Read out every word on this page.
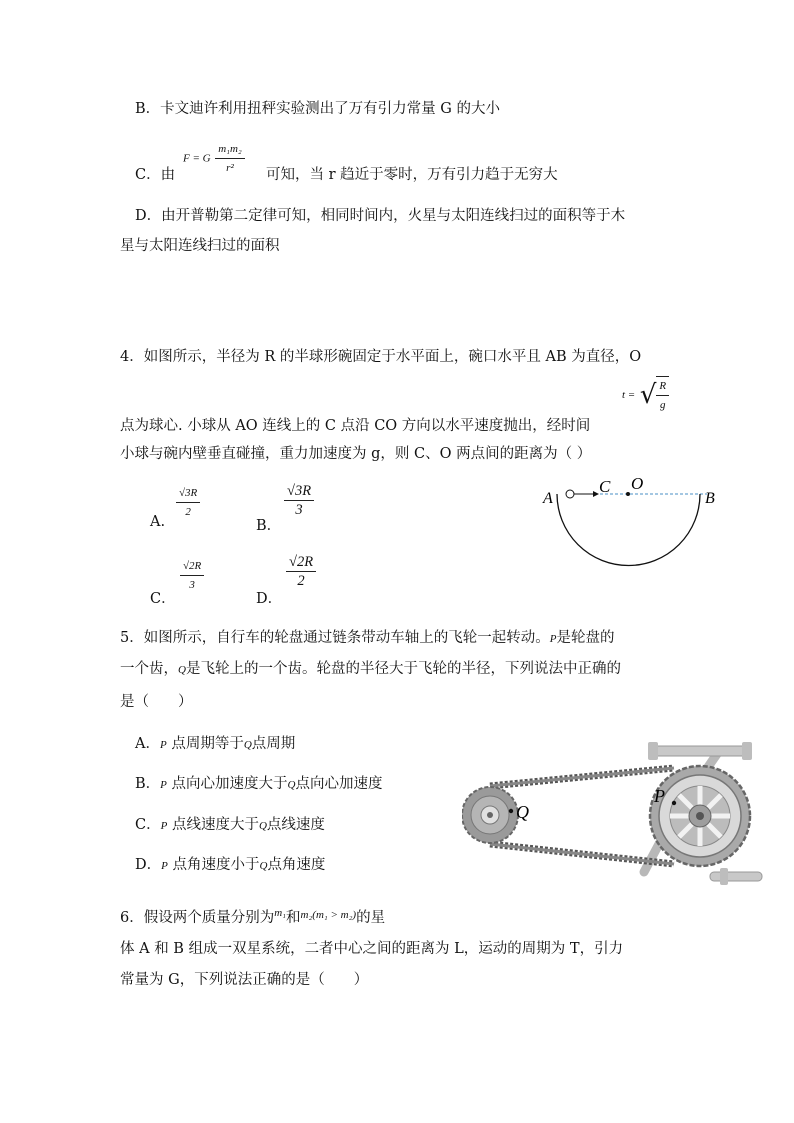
B．卡文迪许利用扭秤实验测出了万有引力常量 G 的大小
C．由
F = G $\frac{\text{m₁m₂}}{\text{r²}}$ 可知，当 r 趋近于零时，万有引力趋于无穷大
D．由开普勒第二定律可知，相同时间内，火星与太阳连线扫过的面积等于木
星与太阳连线扫过的面积
4．如图所示，半径为 R 的半球形碗固定于水平面上，碗口水平且 AB 为直径，O
点为球心. 小球从 AO 连线上的 C 点沿 CO 方向以水平速度抛出，经时间
t = √ $\frac{R}{g}$
小球与碗内壁垂直碰撞，重力加速度为 g，则 C、O 两点间的距离为（ ）
A.
$\frac{√3R}{2}$
B．
$\frac{√3R}{3}$
C．
$\frac{√2R}{3}$
D．
$\frac{√2R}{2}$
A
C O
B
5．如图所示，自行车的轮盘通过链条带动车轴上的飞轮一起转动。P是轮盘的
一个齿，Q是飞轮上的一个齿。轮盘的半径大于飞轮的半径，下列说法中正确的
是（　　）
A．P 点周期等于Q点周期
B．P 点向心加速度大于Q点向心加速度
C．P 点线速度大于Q点线速度
D．P 点角速度小于Q点角速度
Q
P
6．假设两个质量分别为$^{m_1}$和$^{m_2(m_1 > m_2)}$的星
体 A 和 B 组成一双星系统，二者中心之间的距离为 L，运动的周期为 T，引力
常量为 G，下列说法正确的是（　　）
